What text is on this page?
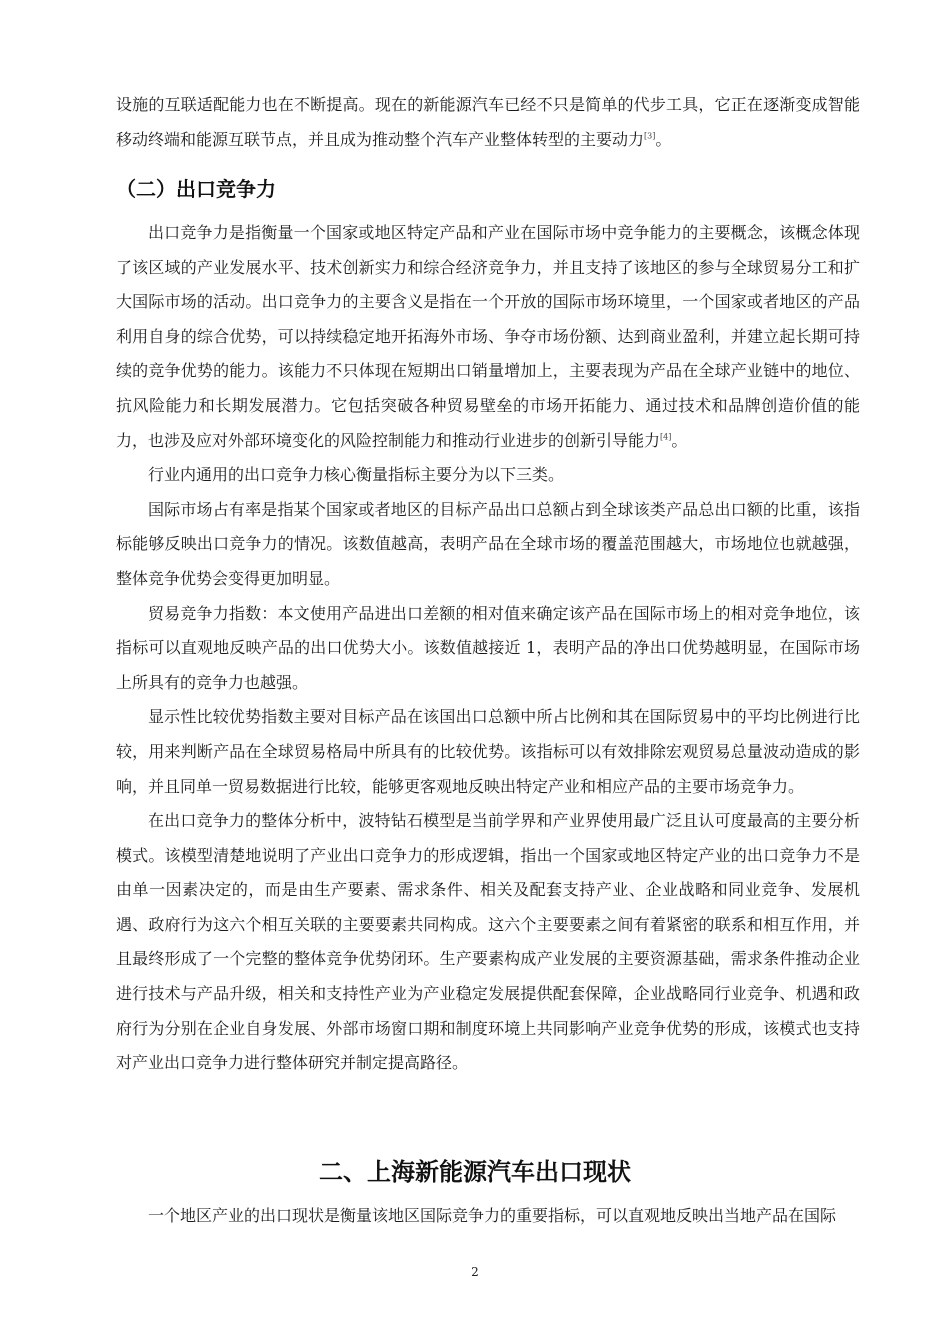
设施的互联适配能力也在不断提高。现在的新能源汽车已经不只是简单的代步工具，它正在逐渐变成智能移动终端和能源互联节点，并且成为推动整个汽车产业整体转型的主要动力[3]。

（二）出口竞争力

出口竞争力是指衡量一个国家或地区特定产品和产业在国际市场中竞争能力的主要概念，该概念体现了该区域的产业发展水平、技术创新实力和综合经济竞争力，并且支持了该地区的参与全球贸易分工和扩大国际市场的活动。出口竞争力的主要含义是指在一个开放的国际市场环境里，一个国家或者地区的产品利用自身的综合优势，可以持续稳定地开拓海外市场、争夺市场份额、达到商业盈利，并建立起长期可持续的竞争优势的能力。该能力不只体现在短期出口销量增加上，主要表现为产品在全球产业链中的地位、抗风险能力和长期发展潜力。它包括突破各种贸易壁垒的市场开拓能力、通过技术和品牌创造价值的能力，也涉及应对外部环境变化的风险控制能力和推动行业进步的创新引导能力[4]。

行业内通用的出口竞争力核心衡量指标主要分为以下三类。

国际市场占有率是指某个国家或者地区的目标产品出口总额占到全球该类产品总出口额的比重，该指标能够反映出口竞争力的情况。该数值越高，表明产品在全球市场的覆盖范围越大，市场地位也就越强，整体竞争优势会变得更加明显。

贸易竞争力指数：本文使用产品进出口差额的相对值来确定该产品在国际市场上的相对竞争地位，该指标可以直观地反映产品的出口优势大小。该数值越接近 1，表明产品的净出口优势越明显，在国际市场上所具有的竞争力也越强。

显示性比较优势指数主要对目标产品在该国出口总额中所占比例和其在国际贸易中的平均比例进行比较，用来判断产品在全球贸易格局中所具有的比较优势。该指标可以有效排除宏观贸易总量波动造成的影响，并且同单一贸易数据进行比较，能够更客观地反映出特定产业和相应产品的主要市场竞争力。

在出口竞争力的整体分析中，波特钻石模型是当前学界和产业界使用最广泛且认可度最高的主要分析模式。该模型清楚地说明了产业出口竞争力的形成逻辑，指出一个国家或地区特定产业的出口竞争力不是由单一因素决定的，而是由生产要素、需求条件、相关及配套支持产业、企业战略和同业竞争、发展机遇、政府行为这六个相互关联的主要要素共同构成。这六个主要要素之间有着紧密的联系和相互作用，并且最终形成了一个完整的整体竞争优势闭环。生产要素构成产业发展的主要资源基础，需求条件推动企业进行技术与产品升级，相关和支持性产业为产业稳定发展提供配套保障，企业战略同行业竞争、机遇和政府行为分别在企业自身发展、外部市场窗口期和制度环境上共同影响产业竞争优势的形成，该模式也支持对产业出口竞争力进行整体研究并制定提高路径。

二、上海新能源汽车出口现状

一个地区产业的出口现状是衡量该地区国际竞争力的重要指标，可以直观地反映出当地产品在国际

2
